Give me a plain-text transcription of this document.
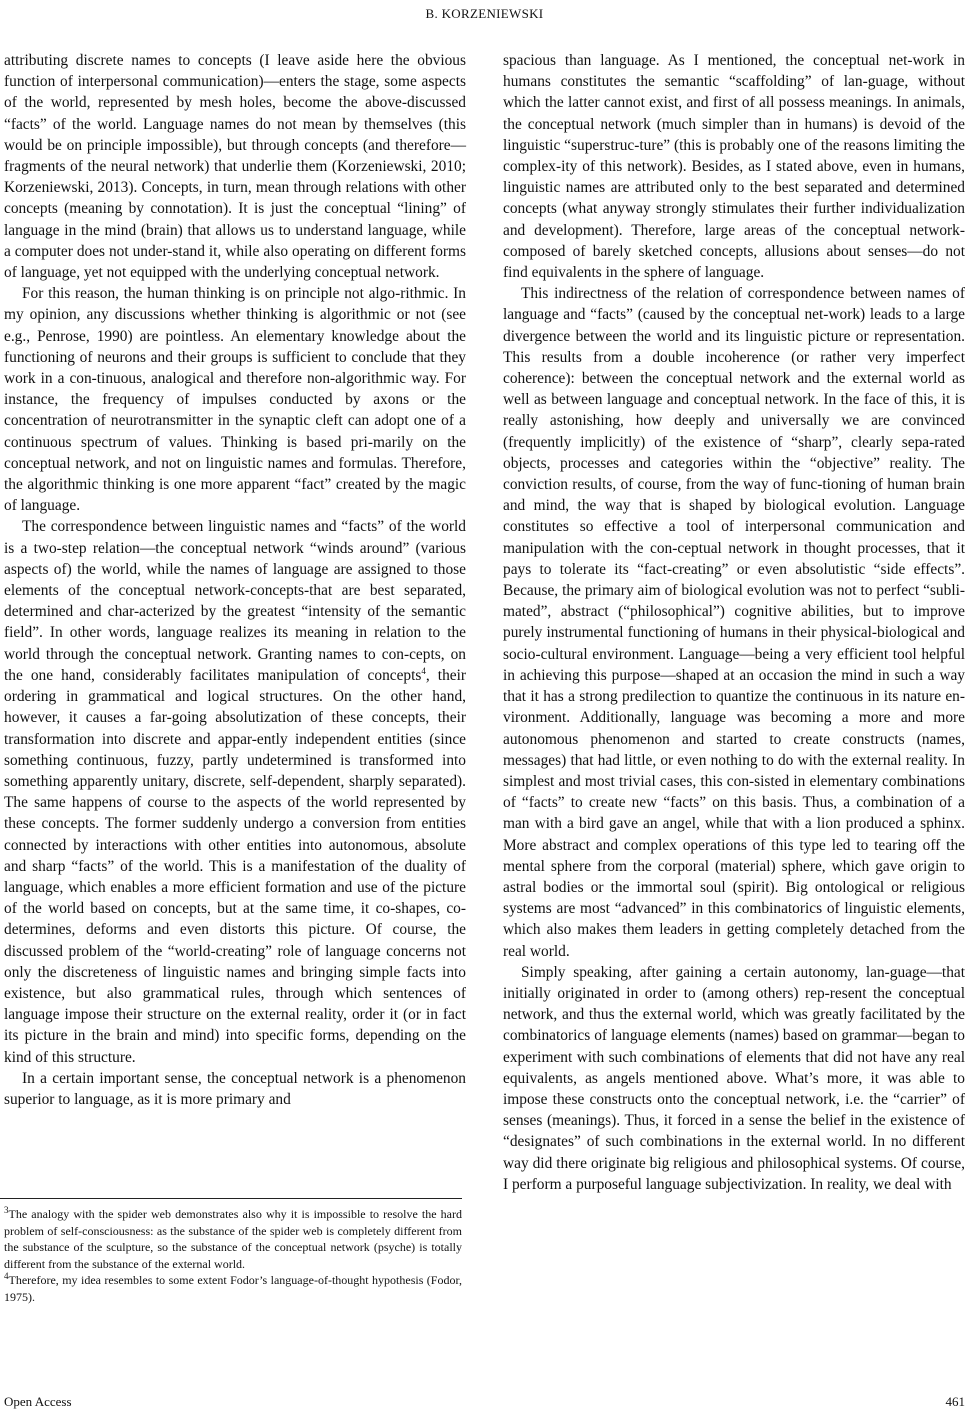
B. KORZENIEWSKI

attributing discrete names to concepts (I leave aside here the obvious function of interpersonal communication)—enters the stage, some aspects of the world, represented by mesh holes, become the above-discussed “facts” of the world. Language names do not mean by themselves (this would be on principle impossible), but through concepts (and therefore—fragments of the neural network) that underlie them (Korzeniewski, 2010; Korzeniewski, 2013). Concepts, in turn, mean through relations with other concepts (meaning by connotation). It is just the conceptual “lining” of language in the mind (brain) that allows us to understand language, while a computer does not under-stand it, while also operating on different forms of language, yet not equipped with the underlying conceptual network.

For this reason, the human thinking is on principle not algo-rithmic. In my opinion, any discussions whether thinking is algorithmic or not (see e.g., Penrose, 1990) are pointless. An elementary knowledge about the functioning of neurons and their groups is sufficient to conclude that they work in a con-tinuous, analogical and therefore non-algorithmic way. For instance, the frequency of impulses conducted by axons or the concentration of neurotransmitter in the synaptic cleft can adopt one of a continuous spectrum of values. Thinking is based pri-marily on the conceptual network, and not on linguistic names and formulas. Therefore, the algorithmic thinking is one more apparent “fact” created by the magic of language.

The correspondence between linguistic names and “facts” of the world is a two-step relation—the conceptual network “winds around” (various aspects of) the world, while the names of language are assigned to those elements of the conceptual network-concepts-that are best separated, determined and char-acterized by the greatest “intensity of the semantic field”. In other words, language realizes its meaning in relation to the world through the conceptual network. Granting names to con-cepts, on the one hand, considerably facilitates manipulation of concepts$^4$, their ordering in grammatical and logical structures. On the other hand, however, it causes a far-going absolutization of these concepts, their transformation into discrete and appar-ently independent entities (since something continuous, fuzzy, partly undetermined is transformed into something apparently unitary, discrete, self-dependent, sharply separated). The same happens of course to the aspects of the world represented by these concepts. The former suddenly undergo a conversion from entities connected by interactions with other entities into autonomous, absolute and sharp “facts” of the world. This is a manifestation of the duality of language, which enables a more efficient formation and use of the picture of the world based on concepts, but at the same time, it co-shapes, co-determines, deforms and even distorts this picture. Of course, the discussed problem of the “world-creating” role of language concerns not only the discreteness of linguistic names and bringing simple facts into existence, but also grammatical rules, through which sentences of language impose their structure on the external reality, order it (or in fact its picture in the brain and mind) into specific forms, depending on the kind of this structure.

In a certain important sense, the conceptual network is a phenomenon superior to language, as it is more primary and

$^3$The analogy with the spider web demonstrates also why it is impossible to resolve the hard problem of self-consciousness: as the substance of the spider web is completely different from the substance of the sculpture, so the substance of the conceptual network (psyche) is totally different from the substance of the external world.

$^4$Therefore, my idea resembles to some extent Fodor’s language-of-thought hypothesis (Fodor, 1975).

spacious than language. As I mentioned, the conceptual net-work in humans constitutes the semantic “scaffolding” of lan-guage, without which the latter cannot exist, and first of all possess meanings. In animals, the conceptual network (much simpler than in humans) is devoid of the linguistic “superstruc-ture” (this is probably one of the reasons limiting the complex-ity of this network). Besides, as I stated above, even in humans, linguistic names are attributed only to the best separated and determined concepts (what anyway strongly stimulates their further individualization and development). Therefore, large areas of the conceptual network-composed of barely sketched concepts, allusions about senses—do not find equivalents in the sphere of language.

This indirectness of the relation of correspondence between names of language and “facts” (caused by the conceptual net-work) leads to a large divergence between the world and its linguistic picture or representation. This results from a double incoherence (or rather very imperfect coherence): between the conceptual network and the external world as well as between language and conceptual network. In the face of this, it is really astonishing, how deeply and universally we are convinced (frequently implicitly) of the existence of “sharp”, clearly sepa-rated objects, processes and categories within the “objective” reality. The conviction results, of course, from the way of func-tioning of human brain and mind, the way that is shaped by biological evolution. Language constitutes so effective a tool of interpersonal communication and manipulation with the con-ceptual network in thought processes, that it pays to tolerate its “fact-creating” or even absolutistic “side effects”. Because, the primary aim of biological evolution was not to perfect “subli-mated”, abstract (“philosophical”) cognitive abilities, but to improve purely instrumental functioning of humans in their physical-biological and socio-cultural environment. Language—being a very efficient tool helpful in achieving this purpose—shaped at an occasion the mind in such a way that it has a strong predilection to quantize the continuous in its nature en-vironment. Additionally, language was becoming a more and more autonomous phenomenon and started to create constructs (names, messages) that had little, or even nothing to do with the external reality. In simplest and most trivial cases, this con-sisted in elementary combinations of “facts” to create new “facts” on this basis. Thus, a combination of a man with a bird gave an angel, while that with a lion produced a sphinx. More abstract and complex operations of this type led to tearing off the mental sphere from the corporal (material) sphere, which gave origin to astral bodies or the immortal soul (spirit). Big ontological or religious systems are most “advanced” in this combinatorics of linguistic elements, which also makes them leaders in getting completely detached from the real world.

Simply speaking, after gaining a certain autonomy, lan-guage—that initially originated in order to (among others) rep-resent the conceptual network, and thus the external world, which was greatly facilitated by the combinatorics of language elements (names) based on grammar—began to experiment with such combinations of elements that did not have any real equivalents, as angels mentioned above. What’s more, it was able to impose these constructs onto the conceptual network, i.e. the “carrier” of senses (meanings). Thus, it forced in a sense the belief in the existence of “designates” of such combinations in the external world. In no different way did there originate big religious and philosophical systems. Of course, I perform a purposeful language subjectivization. In reality, we deal with

Open Access	461
